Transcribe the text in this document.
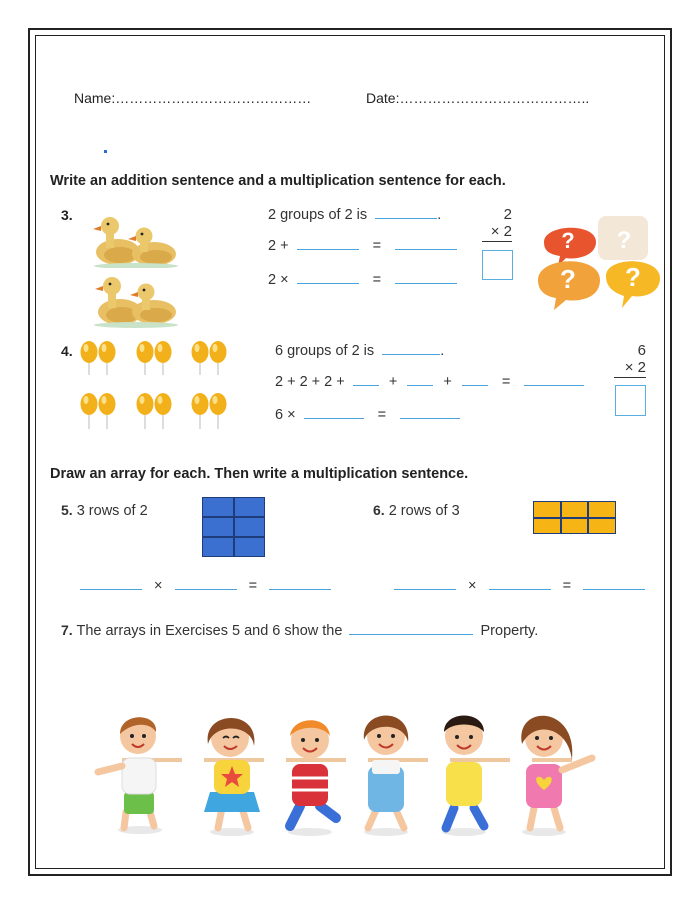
Name:……………………………………	Date:…………………………………..
Write an addition sentence and a multiplication sentence for each.
3.	2 groups of 2 is	.
2 +	=
2 ×	=
2
× 2 ? ?
? ?
4.	6 groups of 2 is	.
2 + 2 + 2 +	+	+	=
6 ×	=
6
× 2
Draw an array for each. Then write a multiplication sentence.
5. 3 rows of 2
×	=
6. 2 rows of 3
×	=
7. The arrays in Exercises 5 and 6 show the	Property.
